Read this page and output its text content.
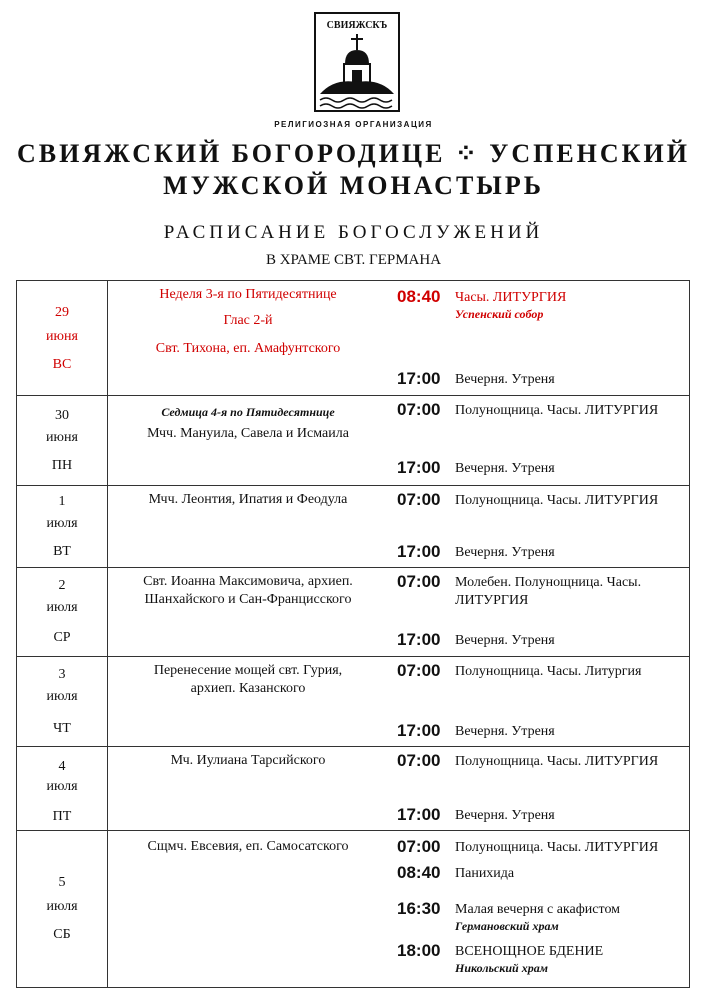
СВИЯЖСКЪ
РЕЛИГИОЗНАЯ ОРГАНИЗАЦИЯ
СВИЯЖСКИЙ БОГОРОДИЦЕ ⁘ УСПЕНСКИЙ
МУЖСКОЙ МОНАСТЫРЬ
РАСПИСАНИЕ БОГОСЛУЖЕНИЙ
В ХРАМЕ СВТ. ГЕРМАНА
29
июня
ВС
Неделя 3-я по Пятидесятнице
Глас 2-й
Свт. Тихона, еп. Амафунтского
08:40 Часы. ЛИТУРГИЯ
Успенский собор
17:00 Вечерня. Утреня
30
июня
ПН
Седмица 4-я по Пятидесятнице
Мчч. Мануила, Савела и Исмаила
07:00 Полунощница. Часы. ЛИТУРГИЯ
17:00 Вечерня. Утреня
1
июля
ВТ
Мчч. Леонтия, Ипатия и Феодула	07:00 Полунощница. Часы. ЛИТУРГИЯ
17:00 Вечерня. Утреня
2
июля
СР
Свт. Иоанна Максимовича, архиеп.
Шанхайского и Сан-Францисского
07:00 Молебен. Полунощница. Часы.
ЛИТУРГИЯ
17:00 Вечерня. Утреня
3
июля
ЧТ
Перенесение мощей свт. Гурия,
архиеп. Казанского
07:00 Полунощница. Часы. Литургия
17:00 Вечерня. Утреня
4
июля
ПТ
Мч. Иулиана Тарсийского	07:00 Полунощница. Часы. ЛИТУРГИЯ
17:00 Вечерня. Утреня
5
июля
СБ
Сщмч. Евсевия, еп. Самосатского	07:00 Полунощница. Часы. ЛИТУРГИЯ
08:40 Панихида
16:30 Малая вечерня с акафистом
Германовский храм
18:00 ВСЕНОЩНОЕ БДЕНИЕ
Никольский храм
